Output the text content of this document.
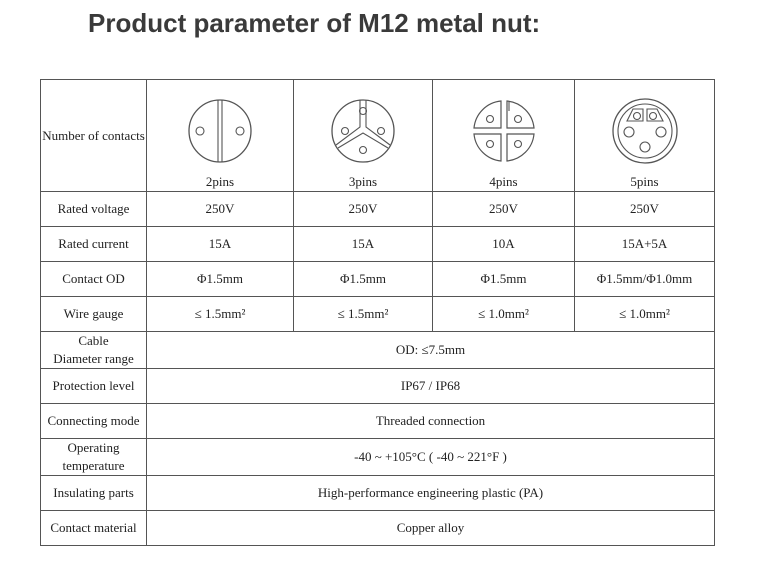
Product parameter of M12 metal nut:
Number of contacts	2pins	3pins	4pins	5pins

Rated voltage	250V	250V	250V	250V
Rated current	15A	15A	10A	15A+5A
Contact OD	Φ1.5mm	Φ1.5mm	Φ1.5mm	Φ1.5mm/Φ1.0mm
Wire gauge	≤ 1.5mm²	≤ 1.5mm²	≤ 1.0mm²	≤ 1.0mm²

Cable
Diameter range	OD: ≤7.5mm			
Protection level	IP67 / IP68			
Connecting mode	Threaded connection			

Operating
temperature	-40 ~ +105°C ( -40 ~ 221°F )			
Insulating parts	High-performance engineering plastic (PA)			
Contact material	Copper alloy			
